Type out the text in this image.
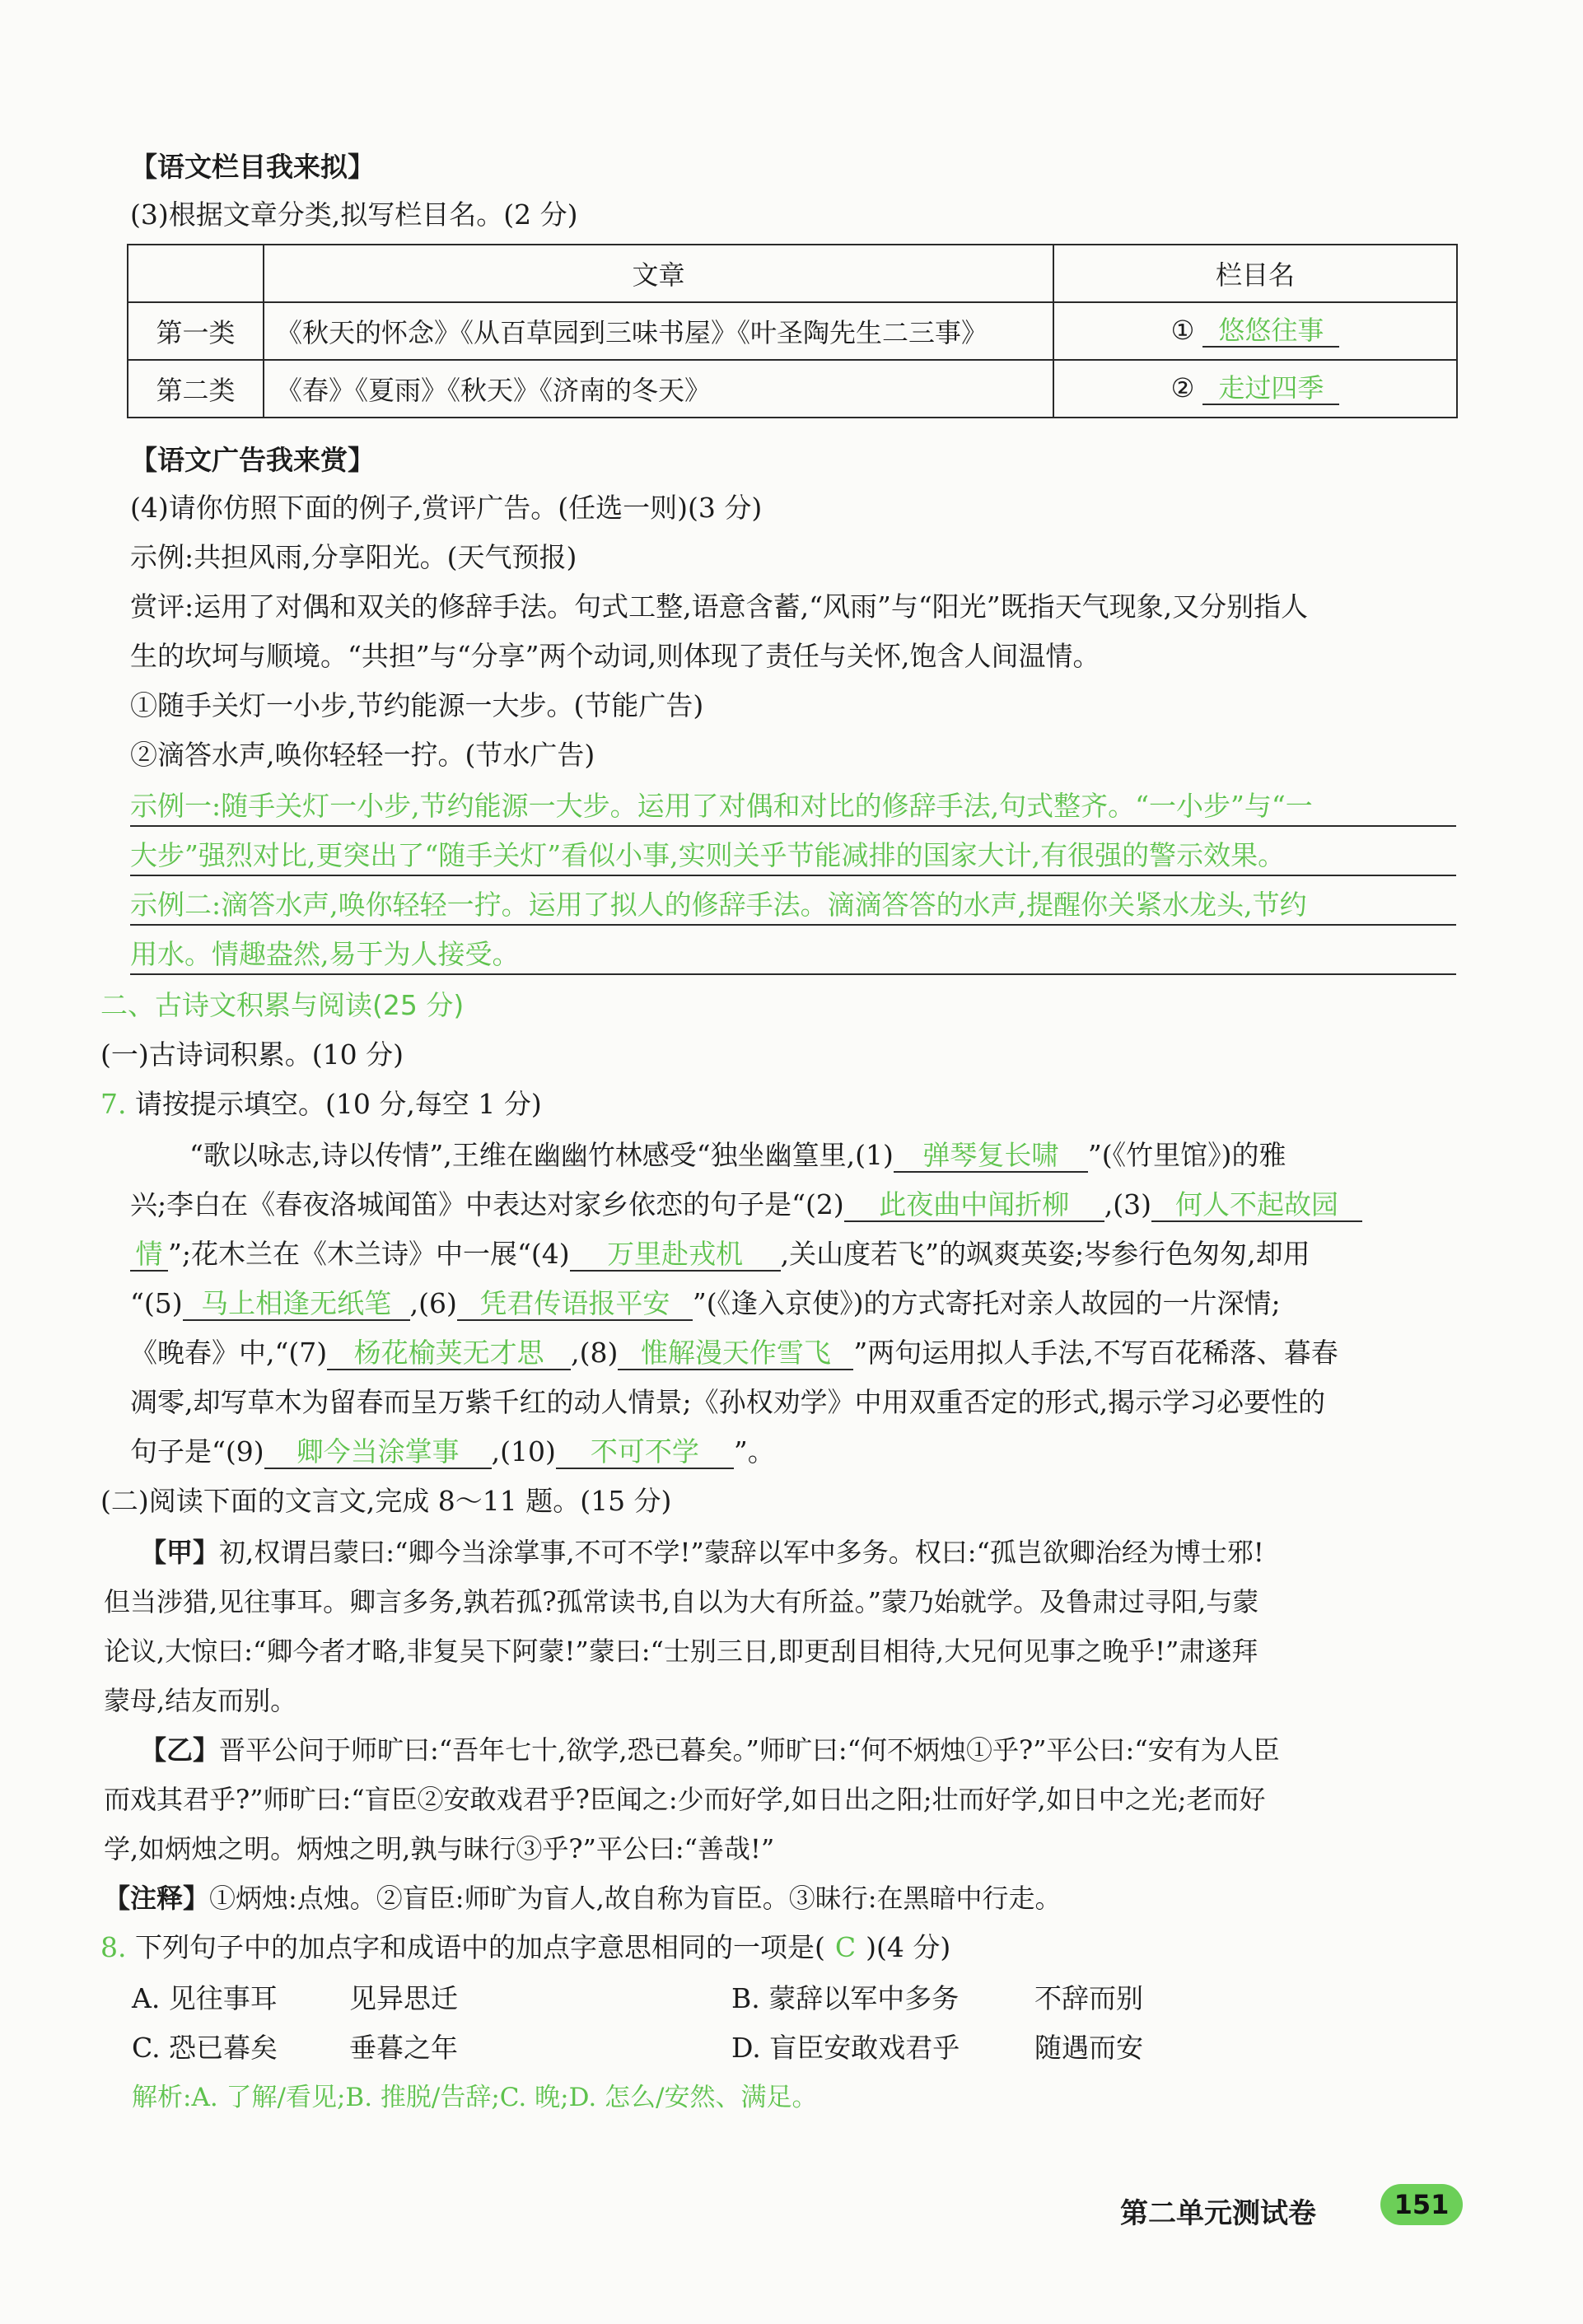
【语文栏目我来拟】
(3)根据文章分类,拟写栏目名。(2 分)
	文章	栏目名
第一类	《秋天的怀念》《从百草园到三味书屋》《叶圣陶先生二三事》	① 悠悠往事
第二类	《春》《夏雨》《秋天》《济南的冬天》	② 走过四季
【语文广告我来赏】
(4)请你仿照下面的例子,赏评广告。(任选一则)(3 分)
示例:共担风雨,分享阳光。(天气预报)
赏评:运用了对偶和双关的修辞手法。句式工整,语意含蓄,“风雨”与“阳光”既指天气现象,又分别指人
生的坎坷与顺境。“共担”与“分享”两个动词,则体现了责任与关怀,饱含人间温情。
①随手关灯一小步,节约能源一大步。(节能广告)
②滴答水声,唤你轻轻一拧。(节水广告)
示例一:随手关灯一小步,节约能源一大步。运用了对偶和对比的修辞手法,句式整齐。“一小步”与“一
大步”强烈对比,更突出了“随手关灯”看似小事,实则关乎节能减排的国家大计,有很强的警示效果。
示例二:滴答水声,唤你轻轻一拧。运用了拟人的修辞手法。滴滴答答的水声,提醒你关紧水龙头,节约
用水。情趣盎然,易于为人接受。
二、古诗文积累与阅读(25 分)
(一)古诗词积累。(10 分)
7. 请按提示填空。(10 分,每空 1 分)
“歌以咏志,诗以传情”,王维在幽幽竹林感受“独坐幽篁里,(1) 弹琴复长啸 ”(《竹里馆》)的雅
兴;李白在《春夜洛城闻笛》中表达对家乡依恋的句子是“(2) 此夜曲中闻折柳 ,(3) 何人不起故园
情 ”;花木兰在《木兰诗》中一展“(4) 万里赴戎机 ,关山度若飞”的飒爽英姿;岑参行色匆匆,却用
“(5) 马上相逢无纸笔 ,(6) 凭君传语报平安 ”(《逢入京使》)的方式寄托对亲人故园的一片深情;
《晚春》中,“(7) 杨花榆荚无才思 ,(8) 惟解漫天作雪飞 ”两句运用拟人手法,不写百花稀落、暮春
凋零,却写草木为留春而呈万紫千红的动人情景;《孙权劝学》中用双重否定的形式,揭示学习必要性的
句子是“(9) 卿今当涂掌事 ,(10) 不可不学 ”。
(二)阅读下面的文言文,完成 8～11 题。(15 分)
【甲】初,权谓吕蒙曰:“卿今当涂掌事,不可不学!”蒙辞以军中多务。权曰:“孤岂欲卿治经为博士邪!
但当涉猎,见往事耳。卿言多务,孰若孤?孤常读书,自以为大有所益。”蒙乃始就学。及鲁肃过寻阳,与蒙
论议,大惊曰:“卿今者才略,非复吴下阿蒙!”蒙曰:“士别三日,即更刮目相待,大兄何见事之晚乎!”肃遂拜
蒙母,结友而别。
【乙】晋平公问于师旷曰:“吾年七十,欲学,恐已暮矣。”师旷曰:“何不炳烛①乎?”平公曰:“安有为人臣
而戏其君乎?”师旷曰:“盲臣②安敢戏君乎?臣闻之:少而好学,如日出之阳;壮而好学,如日中之光;老而好
学,如炳烛之明。炳烛之明,孰与昧行③乎?”平公曰:“善哉!”
【注释】①炳烛:点烛。②盲臣:师旷为盲人,故自称为盲臣。③昧行:在黑暗中行走。
8. 下列句子中的加点字和成语中的加点字意思相同的一项是( C )(4 分)
A. 见往事耳	见异思迁	B. 蒙辞以军中多务	不辞而别
C. 恐已暮矣	垂暮之年	D. 盲臣安敢戏君乎	随遇而安
解析:A. 了解/看见;B. 推脱/告辞;C. 晚;D. 怎么/安然、满足。
第二单元测试卷	151
